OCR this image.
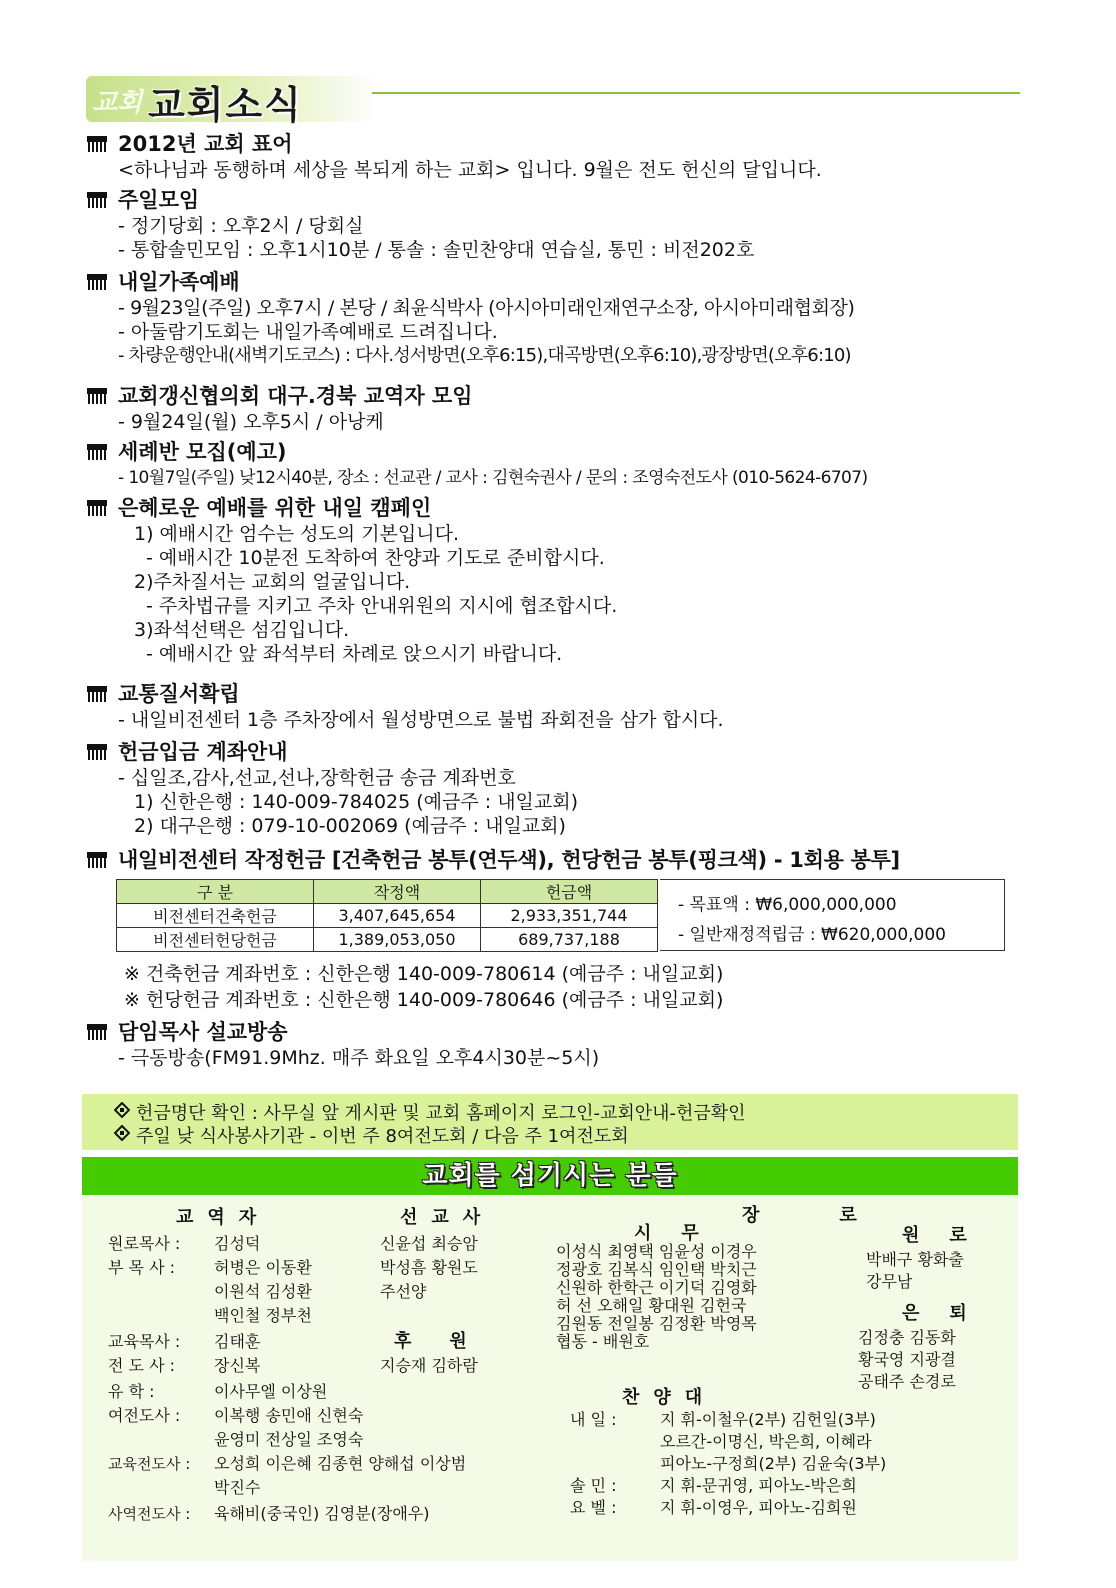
교회 교회소식
2012년 교회 표어
<하나님과 동행하며 세상을 복되게 하는 교회> 입니다. 9월은 전도 헌신의 달입니다.
주일모임
- 정기당회 : 오후2시 / 당회실
- 통합솔민모임 : 오후1시10분 / 통솔 : 솔민찬양대 연습실, 통민 : 비전202호
내일가족예배
- 9월23일(주일) 오후7시 / 본당 / 최윤식박사 (아시아미래인재연구소장, 아시아미래협회장)
- 아둘람기도회는 내일가족예배로 드려집니다.
- 차량운행안내(새벽기도코스) : 다사.성서방면(오후6:15),대곡방면(오후6:10),광장방면(오후6:10)
교회갱신협의회 대구.경북 교역자 모임
- 9월24일(월) 오후5시 / 아낭케
세례반 모집(예고)
- 10월7일(주일) 낮12시40분, 장소 : 선교관 / 교사 : 김현숙권사 / 문의 : 조영숙전도사 (010-5624-6707)
은혜로운 예배를 위한 내일 캠페인
1) 예배시간 엄수는 성도의 기본입니다.
- 예배시간 10분전 도착하여 찬양과 기도로 준비합시다.
2)주차질서는 교회의 얼굴입니다.
- 주차법규를 지키고 주차 안내위원의 지시에 협조합시다.
3)좌석선택은 섬김입니다.
- 예배시간 앞 좌석부터 차례로 앉으시기 바랍니다.
교통질서확립
- 내일비전센터 1층 주차장에서 월성방면으로 불법 좌회전을 삼가 합시다.
헌금입금 계좌안내
- 십일조,감사,선교,선나,장학헌금 송금 계좌번호
1) 신한은행 : 140-009-784025 (예금주 : 내일교회)
2) 대구은행 : 079-10-002069 (예금주 : 내일교회)
내일비전센터 작정헌금 [건축헌금 봉투(연두색), 헌당헌금 봉투(핑크색) - 1회용 봉투]
구 분	작정액	헌금액
비전센터건축헌금	3,407,645,654	2,933,351,744
비전센터헌당헌금	1,389,053,050	689,737,188
- 목표액 : ₩6,000,000,000
- 일반재정적립금 : ₩620,000,000
※ 건축헌금 계좌번호 : 신한은행 140-009-780614 (예금주 : 내일교회)
※ 헌당헌금 계좌번호 : 신한은행 140-009-780646 (예금주 : 내일교회)
담임목사 설교방송
- 극동방송(FM91.9Mhz. 매주 화요일 오후4시30분~5시)
헌금명단 확인 : 사무실 앞 게시판 및 교회 홈페이지 로그인-교회안내-헌금확인
주일 낮 식사봉사기관 - 이번 주 8여전도회 / 다음 주 1여전도회
교회를 섬기시는 분들
교역자
원로목사 : 김성덕
부 목 사 : 허병은 이동환
이원석 김성환
백인철 정부천
교육목사 : 김태훈
전 도 사 : 장신복
유 학 :	이사무엘 이상원
여전도사 : 이복행 송민애 신현숙
윤영미 전상일 조영숙
교육전도사 : 오성희 이은혜 김종현 양해섭 이상범
박진수
사역전도사 : 육해비(중국인) 김영분(장애우)
선교사
신윤섭 최승암
박성흠 황원도
주선양
후원
지승재 김하람
장로
시무
이성식 최영택 임윤성 이경우
정광호 김복식 임인택 박치근
신원하 한학근 이기덕 김영화
허 선 오해일 황대원 김헌국
김원동 전일봉 김정환 박영목
협동 - 배원호
원로
박배구 황화출
강무남
은퇴
김정충 김동화
황국영 지광결
공태주 손경로
찬양대
내 일 :	지 휘-이철우(2부) 김헌일(3부)
오르간-이명신, 박은희, 이혜라
피아노-구정희(2부) 김윤숙(3부)
솔 민 :	지 휘-문귀영, 피아노-박은희
요 벨 :	지 휘-이영우, 피아노-김희원
